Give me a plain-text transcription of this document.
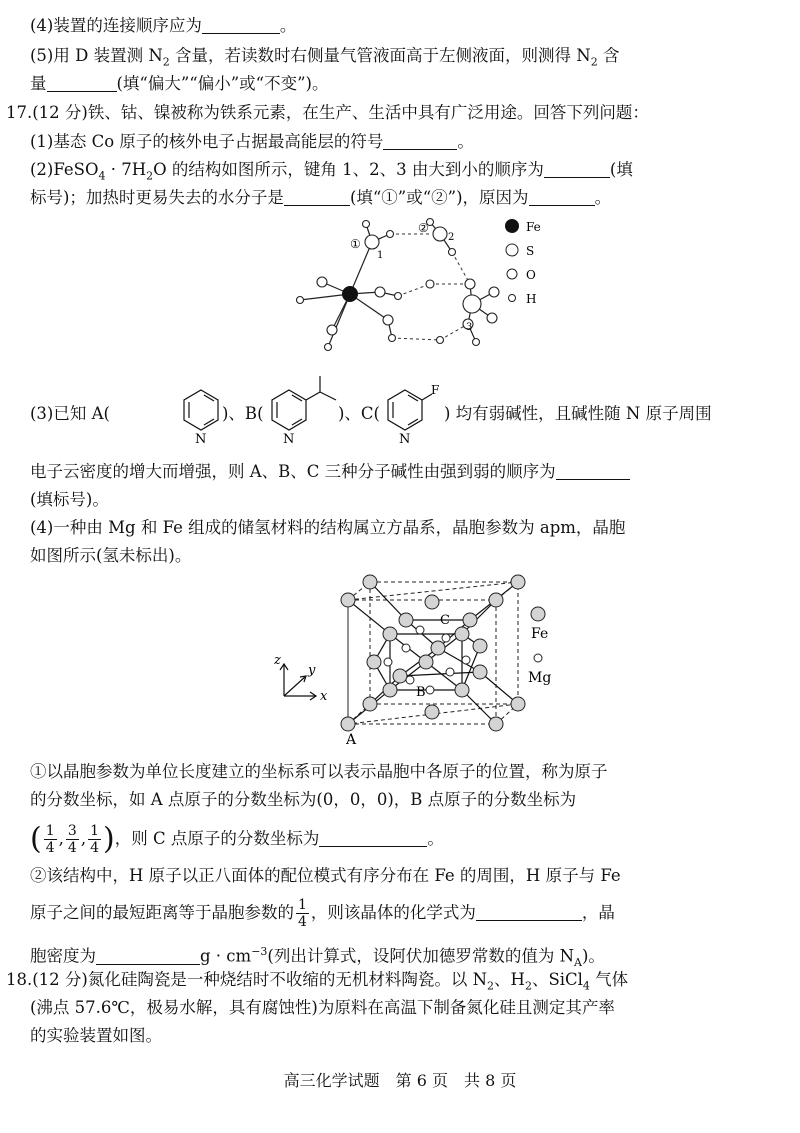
(4)装置的连接顺序应为	。
(5)用 D 装置测 $N_2$ 含量，若读数时右侧量气管液面高于左侧液面，则测得 $N_2$ 含
量	(填“偏大”“偏小”或“不变”)。
17.(12 分)铁、钴、镍被称为铁系元素，在生产、生活中具有广泛用途。回答下列问题：
(1)基态 Co 原子的核外电子占据最高能层的符号	。
(2)FeSO$_4$ · $7H_2O$ 的结构如图所示，键角 1、2、3 由大到小的顺序为	(填
标号)；加热时更易失去的水分子是	(填“①”或“②”)，原因为	。
①
②
1
2
3
Fe
S
O
H
(3)已知 A(
N
)、B(
N
)、C(
F
N
) 均有弱碱性，且碱性随 N 原子周围
电子云密度的增大而增强，则 A、B、C 三种分子碱性由强到弱的顺序为
(填标号)。
(4)一种由 Mg 和 Fe 组成的储氢材料的结构属立方晶系，晶胞参数为 apm，晶胞
如图所示(氢未标出)。
A
B
C
z
y
x
Fe
Mg
①以晶胞参数为单位长度建立的坐标系可以表示晶胞中各原子的位置，称为原子
的分数坐标，如 A 点原子的分数坐标为(0，0，0)，B 点原子的分数坐标为
( $\frac{1}{4}$ , $\frac{3}{4}$ , $\frac{1}{4}$ )，则 C 点原子的分数坐标为	。
②该结构中，H 原子以正八面体的配位模式有序分布在 Fe 的周围，H 原子与 Fe
原子之间的最短距离等于晶胞参数的 $\frac{1}{4}$ ，则该晶体的化学式为	，晶
胞密度为	$g \cdot cm^{-3}$(列出计算式，设阿伏加德罗常数的值为 $N_A$)。
18.(12 分)氮化硅陶瓷是一种烧结时不收缩的无机材料陶瓷。以 $N_2$、$H_2$、SiCl$_4$ 气体
(沸点 57.6℃，极易水解，具有腐蚀性)为原料在高温下制备氮化硅且测定其产率
的实验装置如图。
高三化学试题　第 6 页　共 8 页
